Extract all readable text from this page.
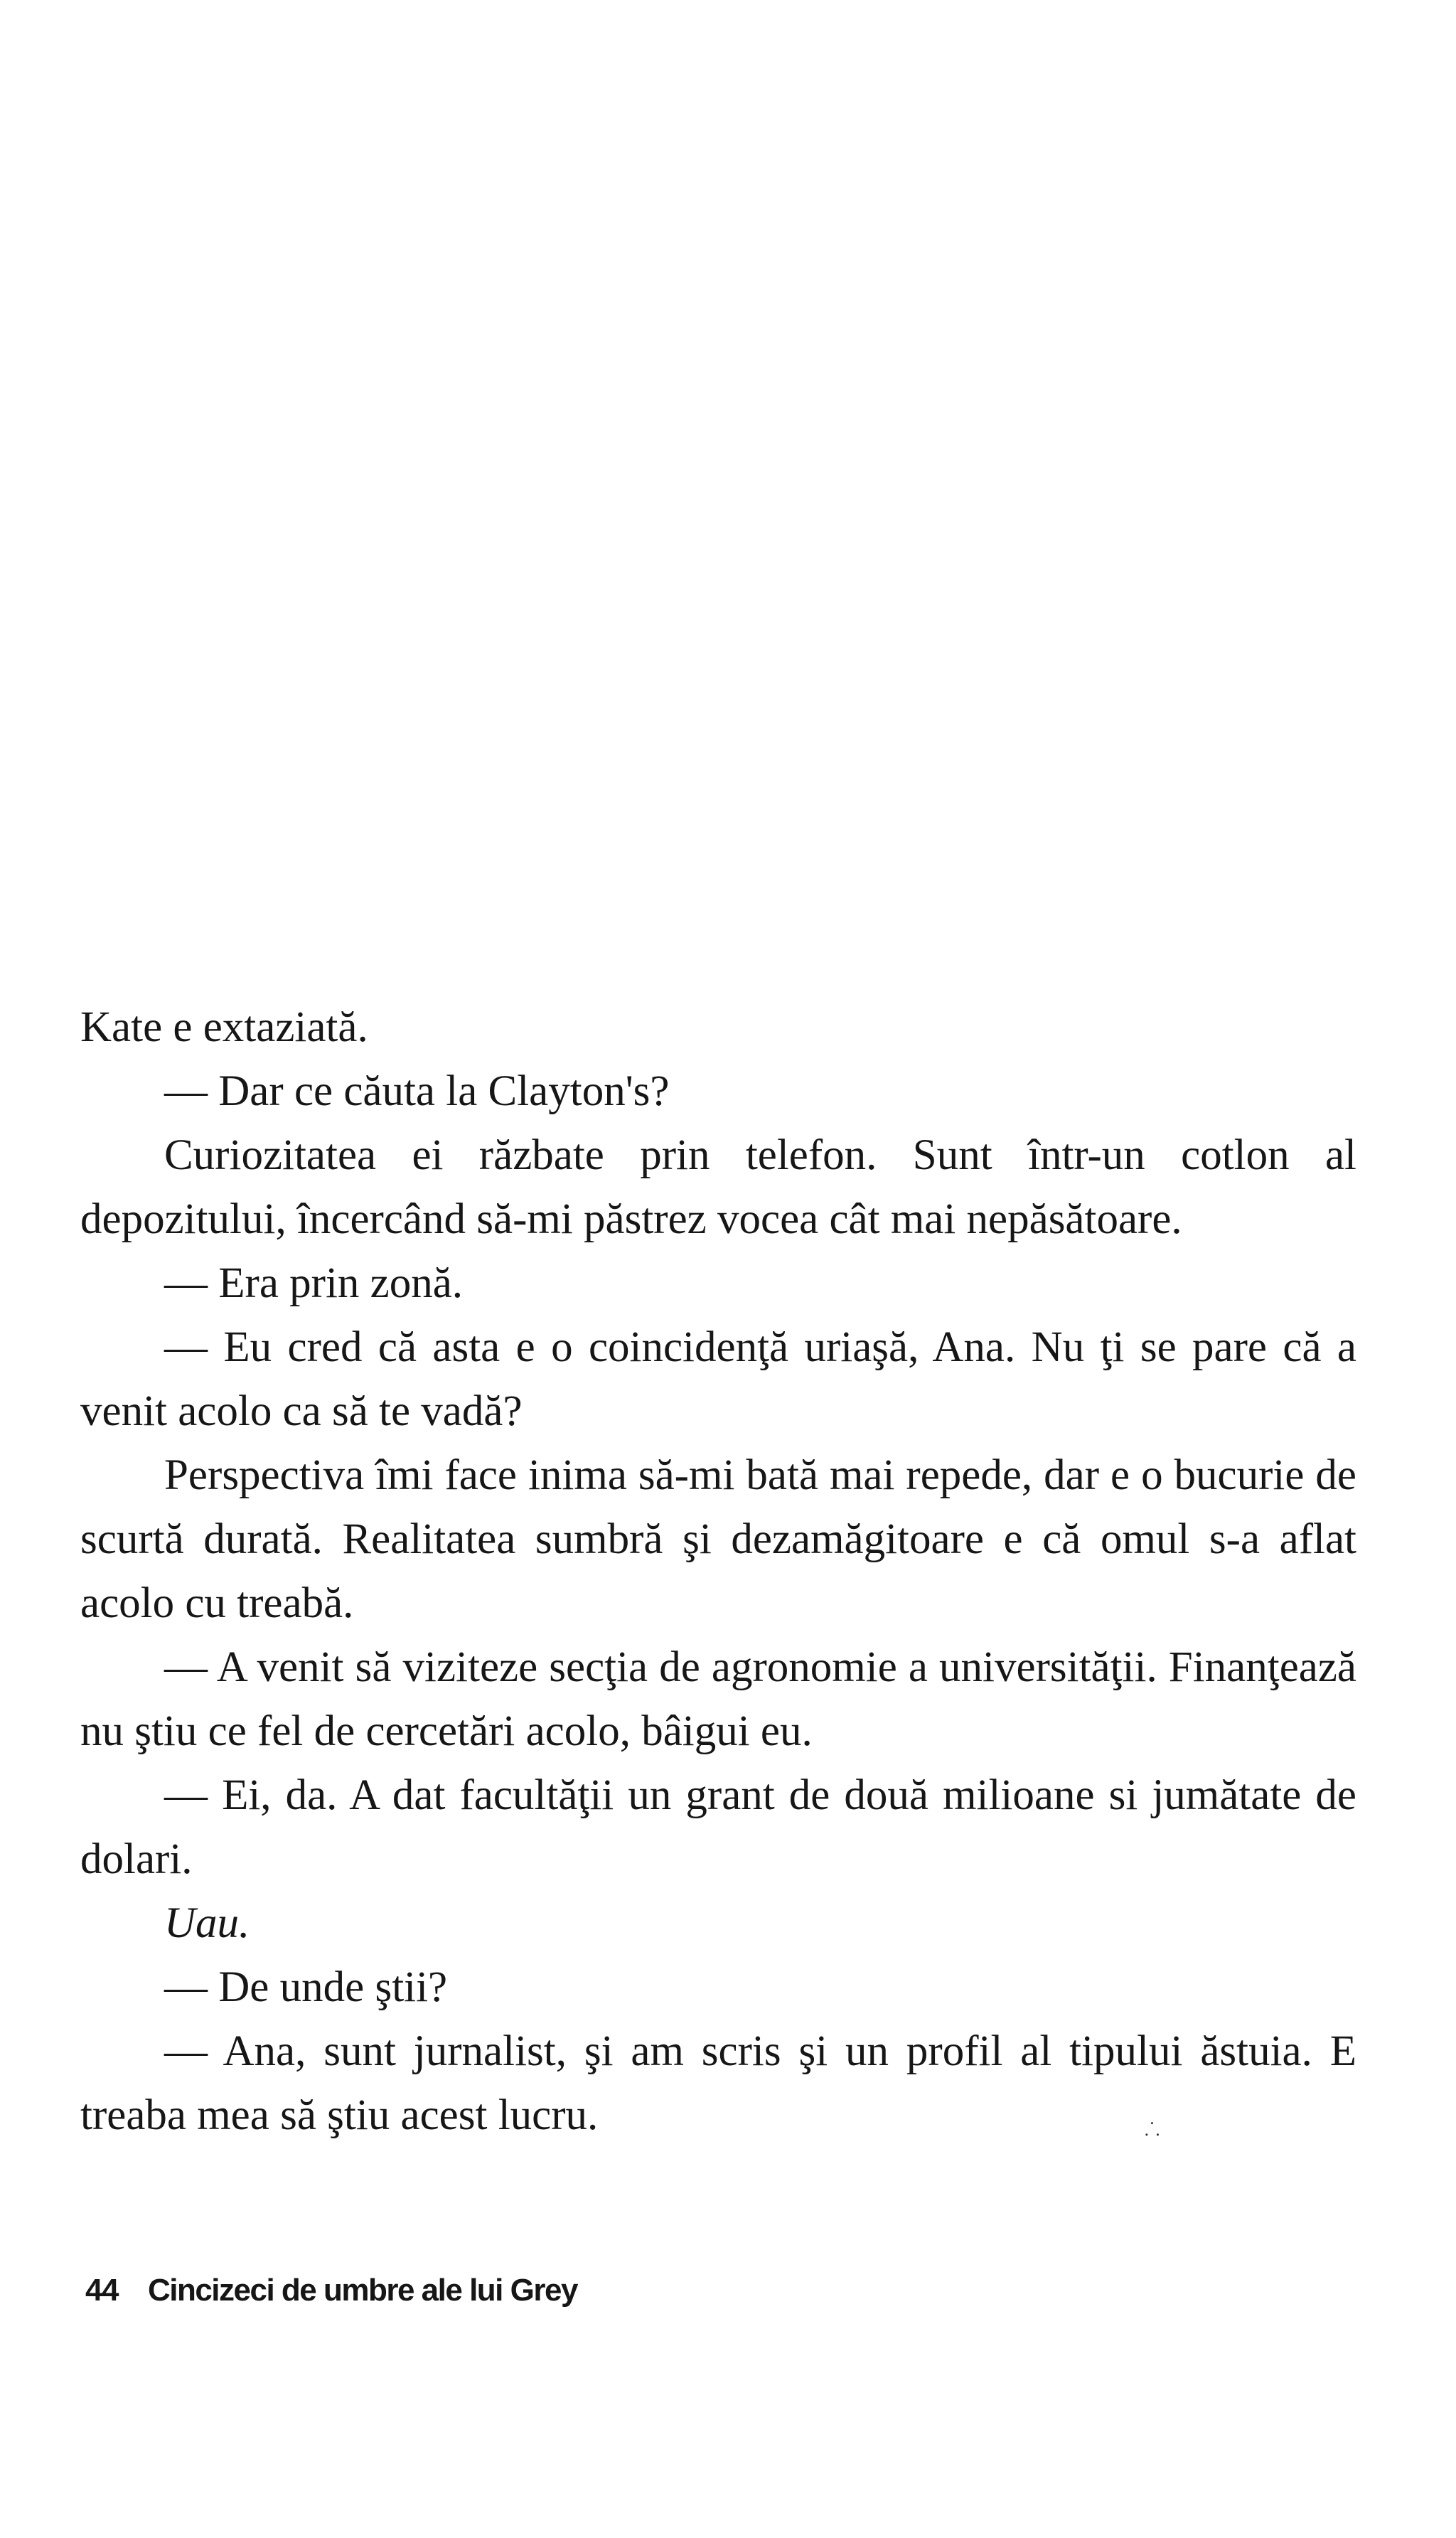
Kate e extaziată.

— Dar ce căuta la Clayton's?

Curiozitatea ei răzbate prin telefon. Sunt într-un cotlon al depozitului, încercând să-mi păstrez vocea cât mai nepăsătoare.

— Era prin zonă.

— Eu cred că asta e o coincidenţă uriaşă, Ana. Nu ţi se pare că a venit acolo ca să te vadă?

Perspectiva îmi face inima să-mi bată mai repede, dar e o bucurie de scurtă durată. Realitatea sumbră şi dezamăgitoare e că omul s-a aflat acolo cu treabă.

— A venit să viziteze secţia de agronomie a universităţii. Finanţează nu ştiu ce fel de cercetări acolo, bâigui eu.

— Ei, da. A dat facultăţii un grant de două milioane si jumătate de dolari.

Uau.

— De unde ştii?

— Ana, sunt jurnalist, şi am scris şi un profil al tipului ăstuia. E treaba mea să ştiu acest lucru.	⸫
44 Cincizeci de umbre ale lui Grey
